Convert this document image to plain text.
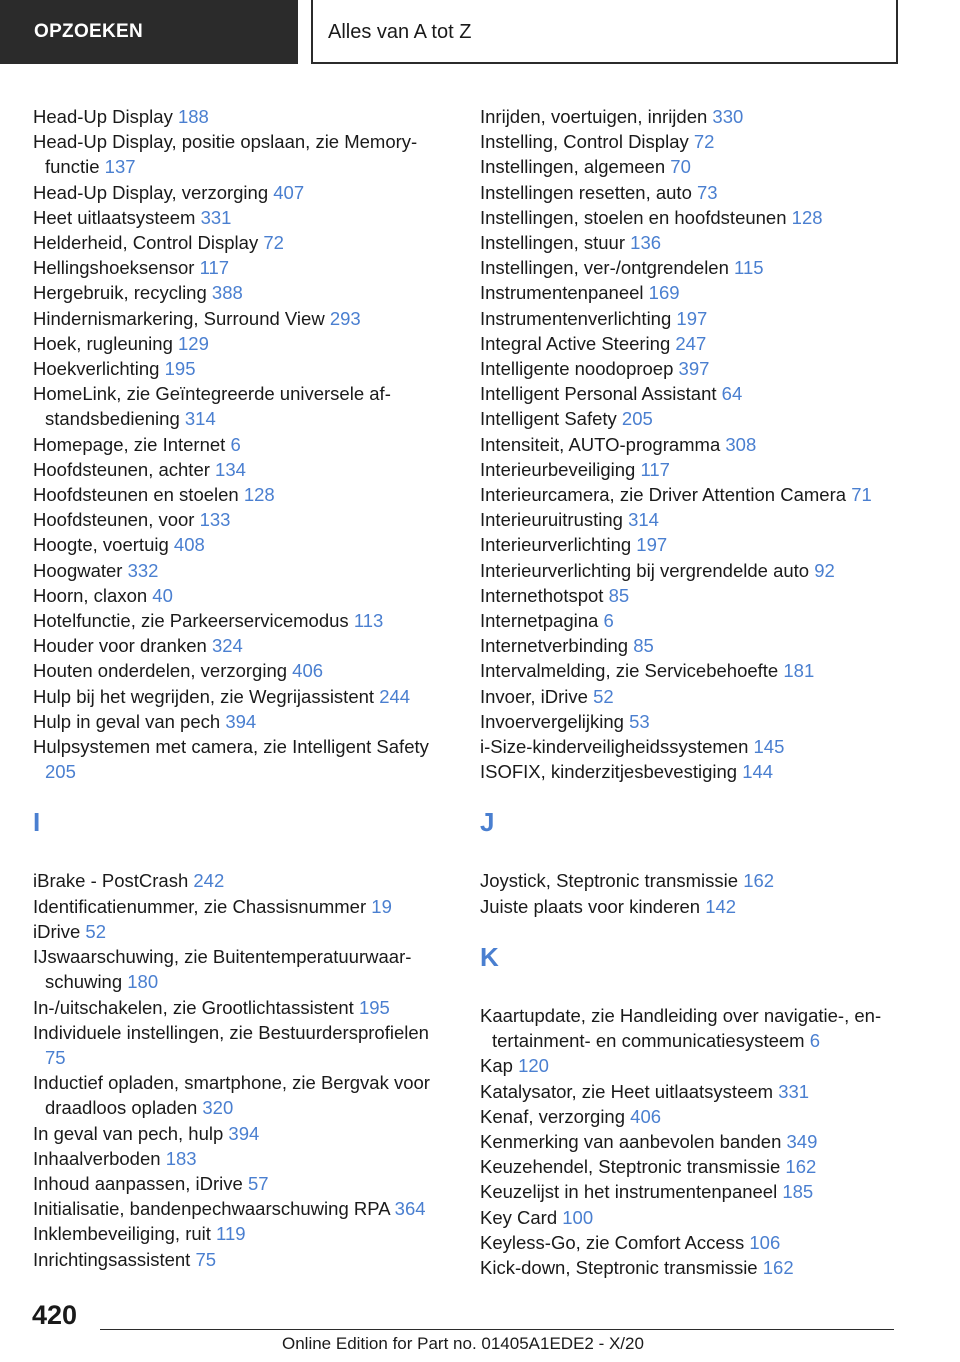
OPZOEKEN	Alles van A tot Z

Head-Up Display 188

Head-Up Display, positie opslaan, zie Memoryfunctie 137

Head-Up Display, verzorging 407

Heet uitlaatsysteem 331

Helderheid, Control Display 72

Hellingshoeksensor 117

Hergebruik, recycling 388

Hindernismarkering, Surround View 293

Hoek, rugleuning 129

Hoekverlichting 195

HomeLink, zie Geïntegreerde universele afstandsbediening 314

Homepage, zie Internet 6

Hoofdsteunen, achter 134

Hoofdsteunen en stoelen 128

Hoofdsteunen, voor 133

Hoogte, voertuig 408

Hoogwater 332

Hoorn, claxon 40

Hotelfunctie, zie Parkeerservicemodus 113

Houder voor dranken 324

Houten onderdelen, verzorging 406

Hulp bij het wegrijden, zie Wegrijassistent 244

Hulp in geval van pech 394

Hulpsystemen met camera, zie Intelligent Safety 205

I

iBrake - PostCrash 242

Identificatienummer, zie Chassisnummer 19

iDrive 52

IJswaarschuwing, zie Buitentemperatuurwaarschuwing 180

In-/uitschakelen, zie Grootlichtassistent 195

Individuele instellingen, zie Bestuurdersprofielen 75

Inductief opladen, smartphone, zie Bergvak voor draadloos opladen 320

In geval van pech, hulp 394

Inhaalverboden 183

Inhoud aanpassen, iDrive 57

Initialisatie, bandenpechwaarschuwing RPA 364

Inklembeveiliging, ruit 119

Inrichtingsassistent 75

Inrijden, voertuigen, inrijden 330

Instelling, Control Display 72

Instellingen, algemeen 70

Instellingen resetten, auto 73

Instellingen, stoelen en hoofdsteunen 128

Instellingen, stuur 136

Instellingen, ver-/ontgrendelen 115

Instrumentenpaneel 169

Instrumentenverlichting 197

Integral Active Steering 247

Intelligente noodoproep 397

Intelligent Personal Assistant 64

Intelligent Safety 205

Intensiteit, AUTO-programma 308

Interieurbeveiliging 117

Interieurcamera, zie Driver Attention Camera 71

Interieuruitrusting 314

Interieurverlichting 197

Interieurverlichting bij vergrendelde auto 92

Internethotspot 85

Internetpagina 6

Internetverbinding 85

Intervalmelding, zie Servicebehoefte 181

Invoer, iDrive 52

Invoervergelijking 53

i-Size-kinderveiligheidssystemen 145

ISOFIX, kinderzitjesbevestiging 144

J

Joystick, Steptronic transmissie 162

Juiste plaats voor kinderen 142

K

Kaartupdate, zie Handleiding over navigatie-, entertainment- en communicatiesysteem 6

Kap 120

Katalysator, zie Heet uitlaatsysteem 331

Kenaf, verzorging 406

Kenmerking van aanbevolen banden 349

Keuzehendel, Steptronic transmissie 162

Keuzelijst in het instrumentenpaneel 185

Key Card 100

Keyless-Go, zie Comfort Access 106

Kick-down, Steptronic transmissie 162

420
Online Edition for Part no. 01405A1EDE2 - X/20
